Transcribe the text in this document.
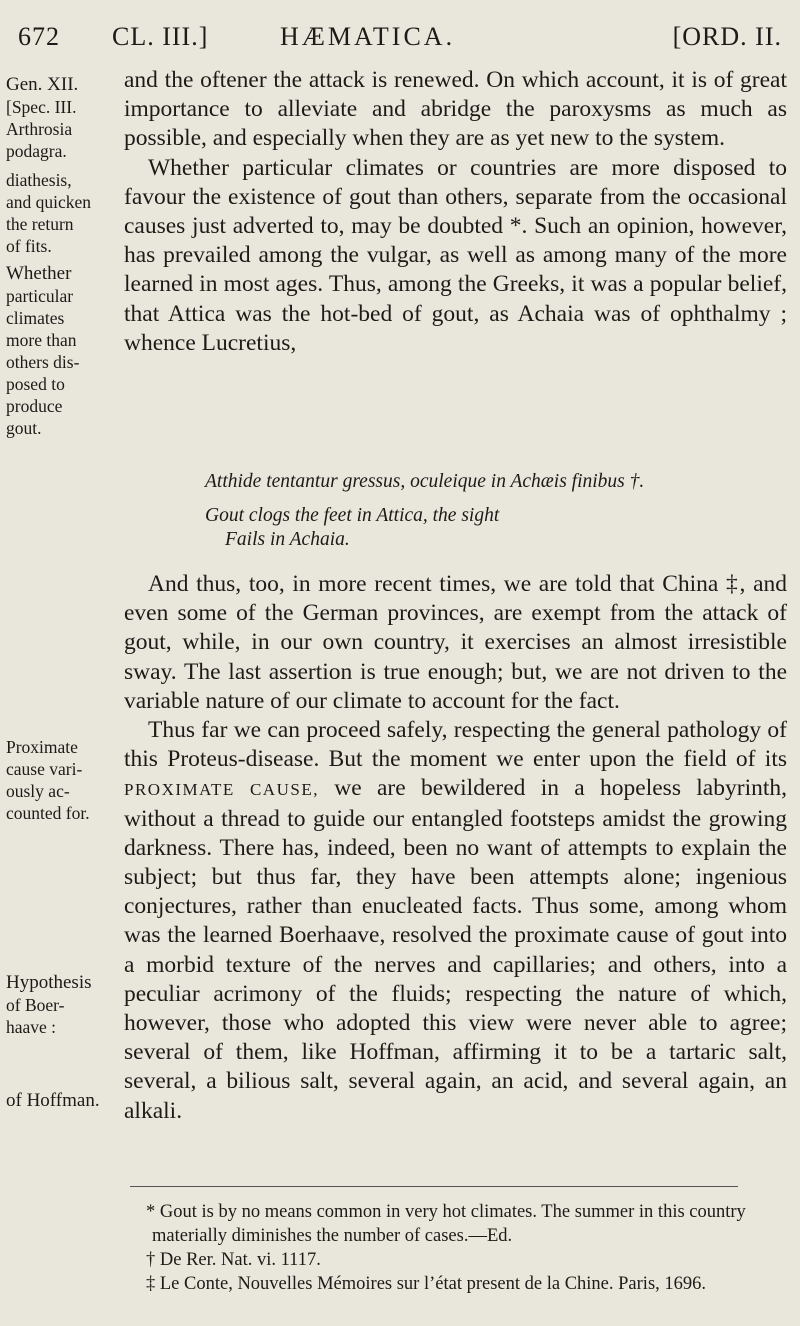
672 CL. III.]	HÆMATICA.	[ORD. II.
Gen. XII.
[Spec. III.
Arthrosia
podagra.
diathesis,
and quicken
the return
of fits.
Whether
particular
climates
more than
others dis-
posed to
produce
gout.
Proximate
cause vari-
ously ac-
counted for.
Hypothesis
of Boer-
haave :
of Hoffman.

and the oftener the attack is renewed. On which account, it is of great importance to alleviate and abridge the paroxysms as much as possible, and especially when they are as yet new to the system.

Whether particular climates or countries are more disposed to favour the existence of gout than others, separate from the occasional causes just adverted to, may be doubted *. Such an opinion, however, has prevailed among the vulgar, as well as among many of the more learned in most ages. Thus, among the Greeks, it was a popular belief, that Attica was the hot-bed of gout, as Achaia was of ophthalmy ; whence Lucretius,

Atthide tentantur gressus, oculeique in Achæis finibus †.
Gout clogs the feet in Attica, the sight
Fails in Achaia.

And thus, too, in more recent times, we are told that China ‡, and even some of the German provinces, are exempt from the attack of gout, while, in our own country, it exercises an almost irresistible sway. The last assertion is true enough; but, we are not driven to the variable nature of our climate to account for the fact.

Thus far we can proceed safely, respecting the general pathology of this Proteus-disease. But the moment we enter upon the field of its PROXIMATE CAUSE, we are bewildered in a hopeless labyrinth, without a thread to guide our entangled footsteps amidst the growing darkness. There has, indeed, been no want of attempts to explain the subject; but thus far, they have been attempts alone; ingenious conjectures, rather than enucleated facts. Thus some, among whom was the learned Boerhaave, resolved the proximate cause of gout into a morbid texture of the nerves and capillaries; and others, into a peculiar acrimony of the fluids; respecting the nature of which, however, those who adopted this view were never able to agree; several of them, like Hoffman, affirming it to be a tartaric salt, several, a bilious salt, several again, an acid, and several again, an alkali.

* Gout is by no means common in very hot climates. The summer in this country materially diminishes the number of cases.—Ed.
† De Rer. Nat. vi. 1117.
‡ Le Conte, Nouvelles Mémoires sur l’état present de la Chine. Paris, 1696.
